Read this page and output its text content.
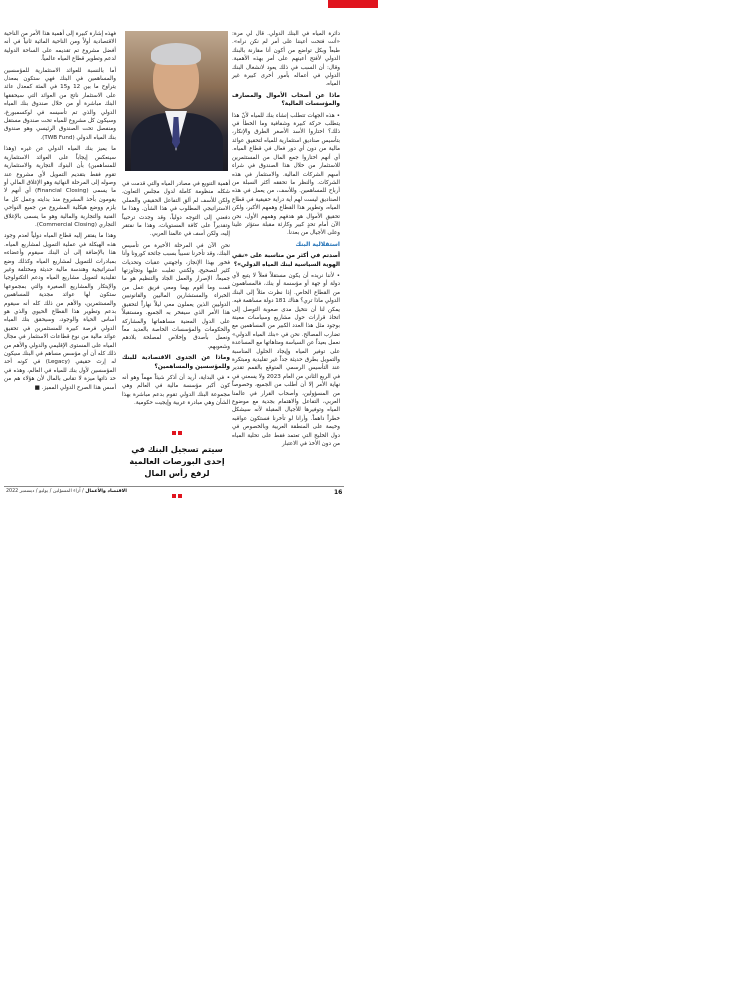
دائرة المياه في البنك الدولي. قال لي مرة: «أنت فتحت أعيننا على أمر لم نكن نراه». طبعاً وبكل تواضع من أكون أنا مقارنة بالبنك الدولي لأفتح أعينهم على أمر بهذه الأهمية. وقال: أن السبب في ذلك يعود لانشغال البنك الدولي في أعماله بأمور أخرى كبيرة غير المياه.

ماذا عن أصحاب الأموال والمصارف والمؤسسات المالية؟

• هذه الجهات تتطلب إنشاء بنك للمياه لأنّ هذا يتطلب حركة كبيرة وشفافية وما الخطأ في ذلك؟ اختاروا الأسد الأصغر الطرق والإنكار، بتأسيس صناديق استثمارية للمياه لتحقيق عوائد مالية من دون أي دور فعال في قطاع المياه. أي أنهم اختاروا جمع المال من المستثمرين للاستثمار من خلال هذا الصندوق في شراء أسهم الشركات المالية. والاستثمار في هذه الشركات. والنظر ما تحققه أكثر السبلة من أرباح للمساهمين. وللأسف، من يعمل في هذه الصناديق ليست لهم أية دراية حقيقية في قطاع المياه، وتطوير هذا القطاع وهمهم الأكبر، ولكن تحقيق الأموال هو هدفهم وهمهم الأول، نحن الآن أمام تحدٍ كبير وكارثة مقبلة ستؤثر علينا وعلى الأجيال من بعدنا.

استقلالية البنك

أصدتم في أكثر من مناسبة على «نفي الهوية السياسية لبنك المياه الدولي»؟

• لأننا نريده أن يكون مستقلاً فعلاً لا يتبع لأي دولة أو جهة أو مؤسسة أو بنك، فالمساهمون من القطاع الخاص. إذا نظرت مثلاً إلى البنك الدولي ماذا تري؟ هناك 181 دولة مساهمة فيه. يمكن لنا أن نتخيل مدى صعوبة التوصل إلى اتخاذ قرارات حول مشاريع وسياسات معينة بوجود مثل هذا العدد الكبير من المساهمين مع تضارب المصالح. نحن في «بنك المياه الدولي» نعمل بعيداً عن السياسة ومتاهاتها مع المساعدة على توفير المياه وإيجاد الحلول المناسبة والتمويل بطرق حديثة جداً غير تقليدية ومبتكرة عند التأسيس الرسمي المتوقع بالقمم تقدير في الربع الثاني من العام 2023 ولا يسعني في نهاية الأمر إلا أن أطلب من الجميع، وخصوصاً من المسؤولين، وأصحاب القرار في عالمنا العربي، التفاعل والاهتمام بجدية مع موضوع المياه وتوفيرها للأجيال المقبلة لأنه سيشكل خطراً داهماً. وأرانا لو تأخرنا فستكون عواقبه وخيمة على المنطقة العربية وبالخصوص في دول الخليج التي تعتمد فقط على تحلية المياه من دون الأخذ في الاعتبار

أهمية التنويع في مصادر المياه والتي قدمت في شكله منظومة كاملة لدول مجلس التعاون، ولكن للأسف لم ألق التفاعل الحقيقي والعملي الاستراتيجي المطلوب في هذا الشأن. وهذا ما دفعني إلى التوجه دولياً، وقد وجدت ترحيباً وتقديراً على كافة المستويات، وهذا ما نفتقر إليه، ولكن أسف في عالمنا العربي.

نحن الآن في المرحلة الأخيرة من تأسيس البنك، وقد تأخرنا نسبياً بسبب جائحة كورونا وأنا فخور بهذا الإنجاز، واجهتني عقبات وتحديات كثير لتصحيح، ولكنني تغلبت عليها وتجاوزتها جميعاً، الإصرار والعمل الجاد والتنظيم هو ما قمت وما أقوم بهما ومعي فريق عمل من الخبراء والمستشارين الماليين والقانونيين الدوليين الذين يعملون معي ليلاً نهاراً لتحقيق هذا الأمر الذي سيفخر به الجميع. ومستقبلاً على الدول المعنية مساهماتها والمشاركة والحكومات والمؤسسات الخاصة بالعديد معاً ونعمل بأصدق وإخلاص لمصلحة بلادهم وشعوبهم.

وماذا عن الجدوى الاقتصادية للبنك وللمؤسسين والمساهمين؟

• في البداية، أريد أن أذكر شيئاً مهماً وهو أنه كون أكبر مؤسسة مالية في العالم وهي مجموعة البنك الدولي تقوم بدعم مباشرة بهذا الشأن وهي مبادرة عربية وإيجيت حكومية.

سيتم تسجيل البنك في إحدى البورصات العالمية لرفع رأس المال

فهذه إشارة كبيرة إلى أهمية هذا الأمر من الناحية الاقتصادية أولاً ومن الناحية المائية ثانياً في أنه أفضل مشروع تم تقديمه على الساحة الدولية لدعم وتطوير قطاع المياه عالمياً.

أما بالنسبة للعوائد الاستثمارية للمؤسسين والمساهمين في البنك فهي ستكون بمعدل يتراوح ما بين 12 و15 في المئة كمعدل عائد على الاستثمار ناتج من العوائد التي سيحققها البنك مباشرة أو من خلال صندوق بنك المياه الدولي والذي تم تأسيسه في لوكسمبورغ، وسيكون كل مشروع للمياه تحت صندوق مستقل ومنفصل تحت الصندوق الرئيسي وهو صندوق بنك المياه الدولي (TWB Fund).

ما يميز بنك المياه الدولي عن غيره (وهذا سينعكس إيجاباً على العوائد الاستثمارية للمساهمين) بأن البنوك التجارية والاستثمارية تقوم فقط بتقديم التمويل لأي مشروع عند وصوله إلى المرحلة النهائية وهو الإغلاق المالي أو ما يسمى (Financial Closing) أي أنهم لا يقومون بأخذ المشروع منذ بدايته وعمل كل ما يلزم ووضع هيكلية المشروع من جميع النواحي الفنية والتجارية والمالية وهو ما يسمى بالإغلاق التجاري (Commercial Closing).

وهذا ما يفتقر إليه قطاع المياه دولياً لعدم وجود هذه الهيكلة في عملية التمويل لمشاريع المياه. هذا بالإضافة إلى أن البنك سيقوم وأعضاءه بمبادرات للتمويل لمشاريع المياه وكذلك وضع استراتيجية وهندسة مالية حديثة ومختلفة وغير تقليدية لتمويل مشاريع المياه ودعم التكنولوجيا والإبتكار والمشاريع الصغيرة والتي بمجموعها ستكون لها عوائد مجدية للمساهمين والمستثمرين، والأهم من ذلك كله أنه سيقوم بدعم وتطوير هذا القطاع الحيوي والذي هو أساس الحياة والوجود، وسيحقق بنك المياه الدولي فرصة كبيرة للمستثمرين في تحقيق عوائد مالية من نوع قطاعات الاستثمار في مجال المياه على المستوى الإقليمي والدولي والأهم من ذلك كله أن أي مؤسس مساهم في البنك سيكون له إرث حقيقي (Legacy) في كونه أحد المؤسسين لأول بنك للمياه في العالم، وهذه في حد ذاتها ميزة لا تقاس بالمال لأن هؤلاء هم من أسس هذا الصرح الدولي المميز. ■

16
الاقتصاد والأعمال / آراء المسؤلين / يوليو / ديسمبر 2022
